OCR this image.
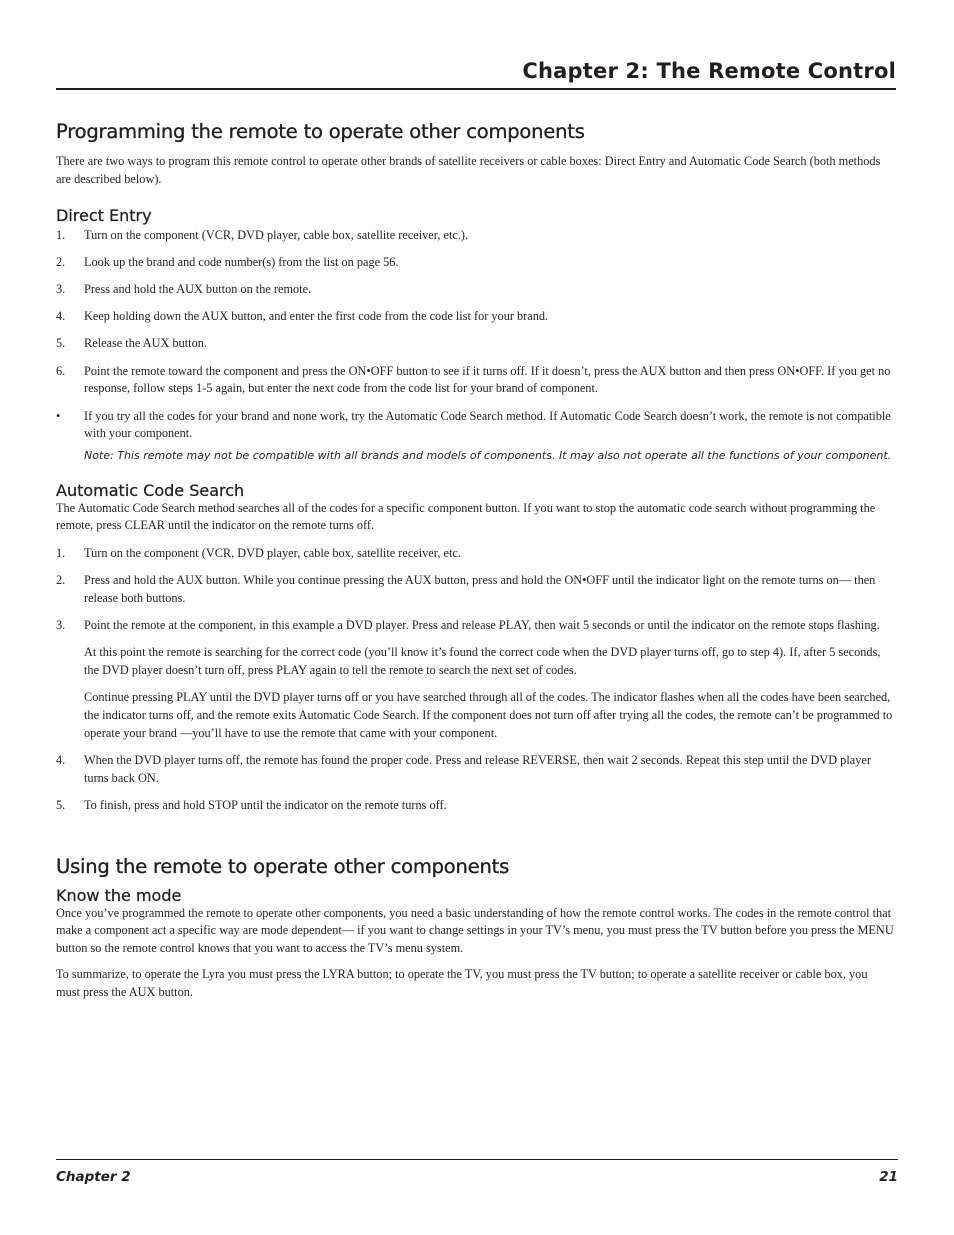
Chapter 2: The Remote Control
Programming the remote to operate other components

There are two ways to program this remote control to operate other brands of satellite receivers or cable boxes: Direct Entry and Automatic Code Search (both methods are described below).

Direct Entry
1. Turn on the component (VCR, DVD player, cable box, satellite receiver, etc.).
2. Look up the brand and code number(s) from the list on page 56.
3. Press and hold the AUX button on the remote.
4. Keep holding down the AUX button, and enter the first code from the code list for your brand.
5. Release the AUX button.
6. Point the remote toward the component and press the ON•OFF button to see if it turns off. If it doesn’t, press the AUX button and then press ON•OFF. If you get no response, follow steps 1-5 again, but enter the next code from the code list for your brand of component.
• If you try all the codes for your brand and none work, try the Automatic Code Search method. If Automatic Code Search doesn’t work, the remote is not compatible with your component.

Note: This remote may not be compatible with all brands and models of components. It may also not operate all the functions of your component.

Automatic Code Search

The Automatic Code Search method searches all of the codes for a specific component button. If you want to stop the automatic code search without programming the remote, press CLEAR until the indicator on the remote turns off.

1. Turn on the component (VCR, DVD player, cable box, satellite receiver, etc.
2. Press and hold the AUX button. While you continue pressing the AUX button, press and hold the ON•OFF until the indicator light on the remote turns on— then release both buttons.
3. Point the remote at the component, in this example a DVD player. Press and release PLAY, then wait 5 seconds or until the indicator on the remote stops flashing.

At this point the remote is searching for the correct code (you’ll know it’s found the correct code when the DVD player turns off, go to step 4). If, after 5 seconds, the DVD player doesn’t turn off, press PLAY again to tell the remote to search the next set of codes.

Continue pressing PLAY until the DVD player turns off or you have searched through all of the codes. The indicator flashes when all the codes have been searched, the indicator turns off, and the remote exits Automatic Code Search. If the component does not turn off after trying all the codes, the remote can’t be programmed to operate your brand —you’ll have to use the remote that came with your component.

4. When the DVD player turns off, the remote has found the proper code. Press and release REVERSE, then wait 2 seconds. Repeat this step until the DVD player turns back ON.
5. To finish, press and hold STOP until the indicator on the remote turns off.
Using the remote to operate other components
Know the mode

Once you’ve programmed the remote to operate other components, you need a basic understanding of how the remote control works. The codes in the remote control that make a component act a specific way are mode dependent— if you want to change settings in your TV’s menu, you must press the TV button before you press the MENU button so the remote control knows that you want to access the TV’s menu system.

To summarize, to operate the Lyra you must press the LYRA button; to operate the TV, you must press the TV button; to operate a satellite receiver or cable box, you must press the AUX button.

Chapter 2	21
